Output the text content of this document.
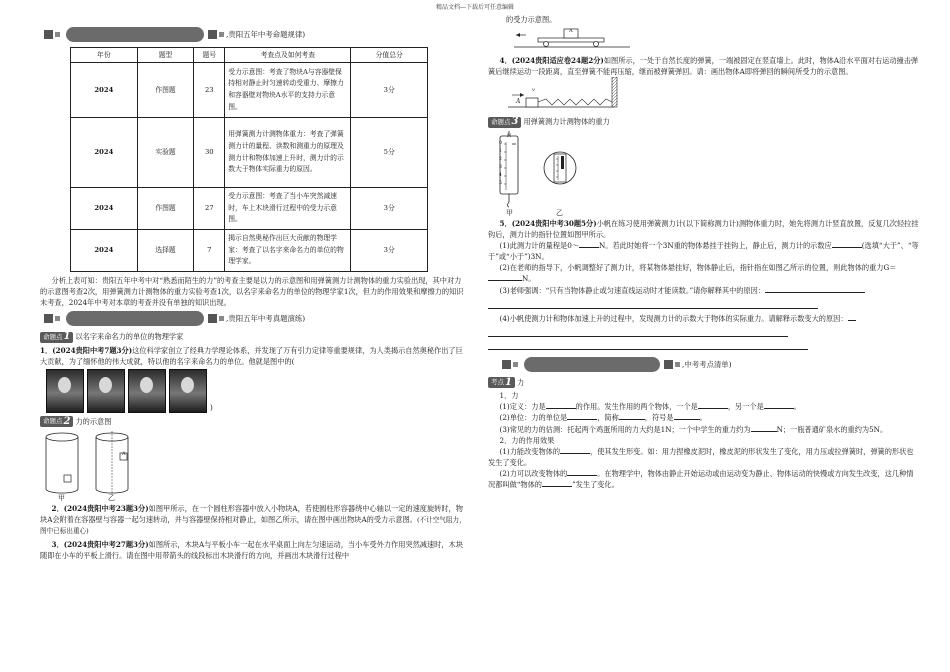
精品文档---下载后可任意编辑
,贵阳五年中考命题规律)
年份	题型	题号	考查点及如何考查	分值总分
2024	作图题	23	受力示意图：考查了物块A与容器壁保持相对静止时匀速转动受重力、摩擦力和容器壁对物块A水平的支持力示意图。	3分
2024	实验题	30	用弹簧测力计测物体重力：考查了弹簧测力计的量程、读数和测重力的原理及测力计和物体加速上升时，测力计的示数大于物体实际重力的原因。	5分
2024	作图题	27	受力示意图：考查了当小车突然减速时，车上木块滑行过程中的受力示意图。	3分
2024	选择题	7	揭示自然奥秘作出巨大贡献的物理学家：考查了以名字来命名力的单位的物理学家。	3分

分析上表可知：贵阳五年中考中对“熟悉而陌生的力”的考查主要是以力的示意图和用弹簧测力计测物体的重力实验出现，其中对力的示意图考查2次，用弹簧测力计测物体的重力实验考查1次，以名字来命名力的单位的物理学家1次，但力的作用效果和摩擦力的知识未考查，2024年中考对本章的考查并没有单独的知识出现。

,贵阳五年中考真题演练)
命题点 1 以名字来命名力的单位的物理学家

1．(2024贵阳中考7题3分)这位科学家创立了经典力学理论体系，并发现了万有引力定律等重要规律，为人类揭示自然奥秘作出了巨大贡献，为了缅怀他的伟大成就，特以他的名字来命名力的单位。他就是图中的(

)
命题点 2 力的示意图
A
甲	乙

2．(2024贵阳中考23题3分)如图甲所示，在一个圆柱形容器中放入小物块A，若使圆柱形容器绕中心轴以一定的速度旋转时，物块A会附着在容器壁与容器一起匀速转动，并与容器壁保持相对静止，如图乙所示，请在图中画出物块A的受力示意图。(不计空气阻力，图中已标出重心)

3．(2024贵阳中考27题3分)如图所示，木块A与平板小车一起在水平桌面上向左匀速运动，当小车受外力作用突然减速时，木块随即在小车的平板上滑行。请在图中用带箭头的线段标出木块滑行的方向，并画出木块滑行过程中

的受力示意图。

A

4．(2024贵阳适应卷24题2分)如图所示，一处于自然长度的弹簧，一端被固定在竖直墙上。此时，物体A沿水平面对右运动撞击弹簧后继续运动一段距离，直至弹簧不能再压缩，继而被弹簧弹回。请：画出物体A即将弹回的瞬间所受力的示意图。

A
v
命题点 3 用弹簧测力计测物体的重力
N
0
1
2
3
4
5
甲	乙

5．(2024贵阳中考30题5分)小帆在练习使用弹簧测力计(以下简称测力计)测物体重力时，她先将测力计竖直放置，反复几次轻拉挂钩后，测力计的指针位置如图甲所示。

(1)此测力计的量程是0～	N。若此时她将一个3N重的物体悬挂于挂钩上，静止后，测力计的示数应	(选填“大于”、“等于”或“小于”)3N。

(2)在老师的指导下，小帆调整好了测力计，将某物体悬挂好，物体静止后，指针指在如图乙所示的位置，则此物体的重力G＝N。

(3)老师强调：“只有当物体静止或匀速直线运动时才能读数。”请你解释其中的原因：

(4)小帆使测力计和物体加速上升的过程中，发现测力计的示数大于物体的实际重力。请解释示数变大的原因：

,中考考点清单)
考点 1 力

1．力

(1)定义：力是	的作用。发生作用的两个物体，一个是	，另一个是	。

(2)单位：力的单位是	，简称	，符号是	。

(3)常见的力的估测：托起两个鸡蛋所用的力大约是1N；一个中学生的重力约为	N；一瓶普通矿泉水的重约为5N。

2．力的作用效果

(1)力能改变物体的	，使其发生形变。如：用力捏橡皮泥时，橡皮泥的形状发生了变化，用力压或拉弹簧时，弹簧的形状也发生了变化。

(2)力可以改变物体的	。在物理学中，物体由静止开始运动或由运动变为静止、物体运动的快慢或方向发生改变，这几种情况都叫做“物体的	”发生了变化。
